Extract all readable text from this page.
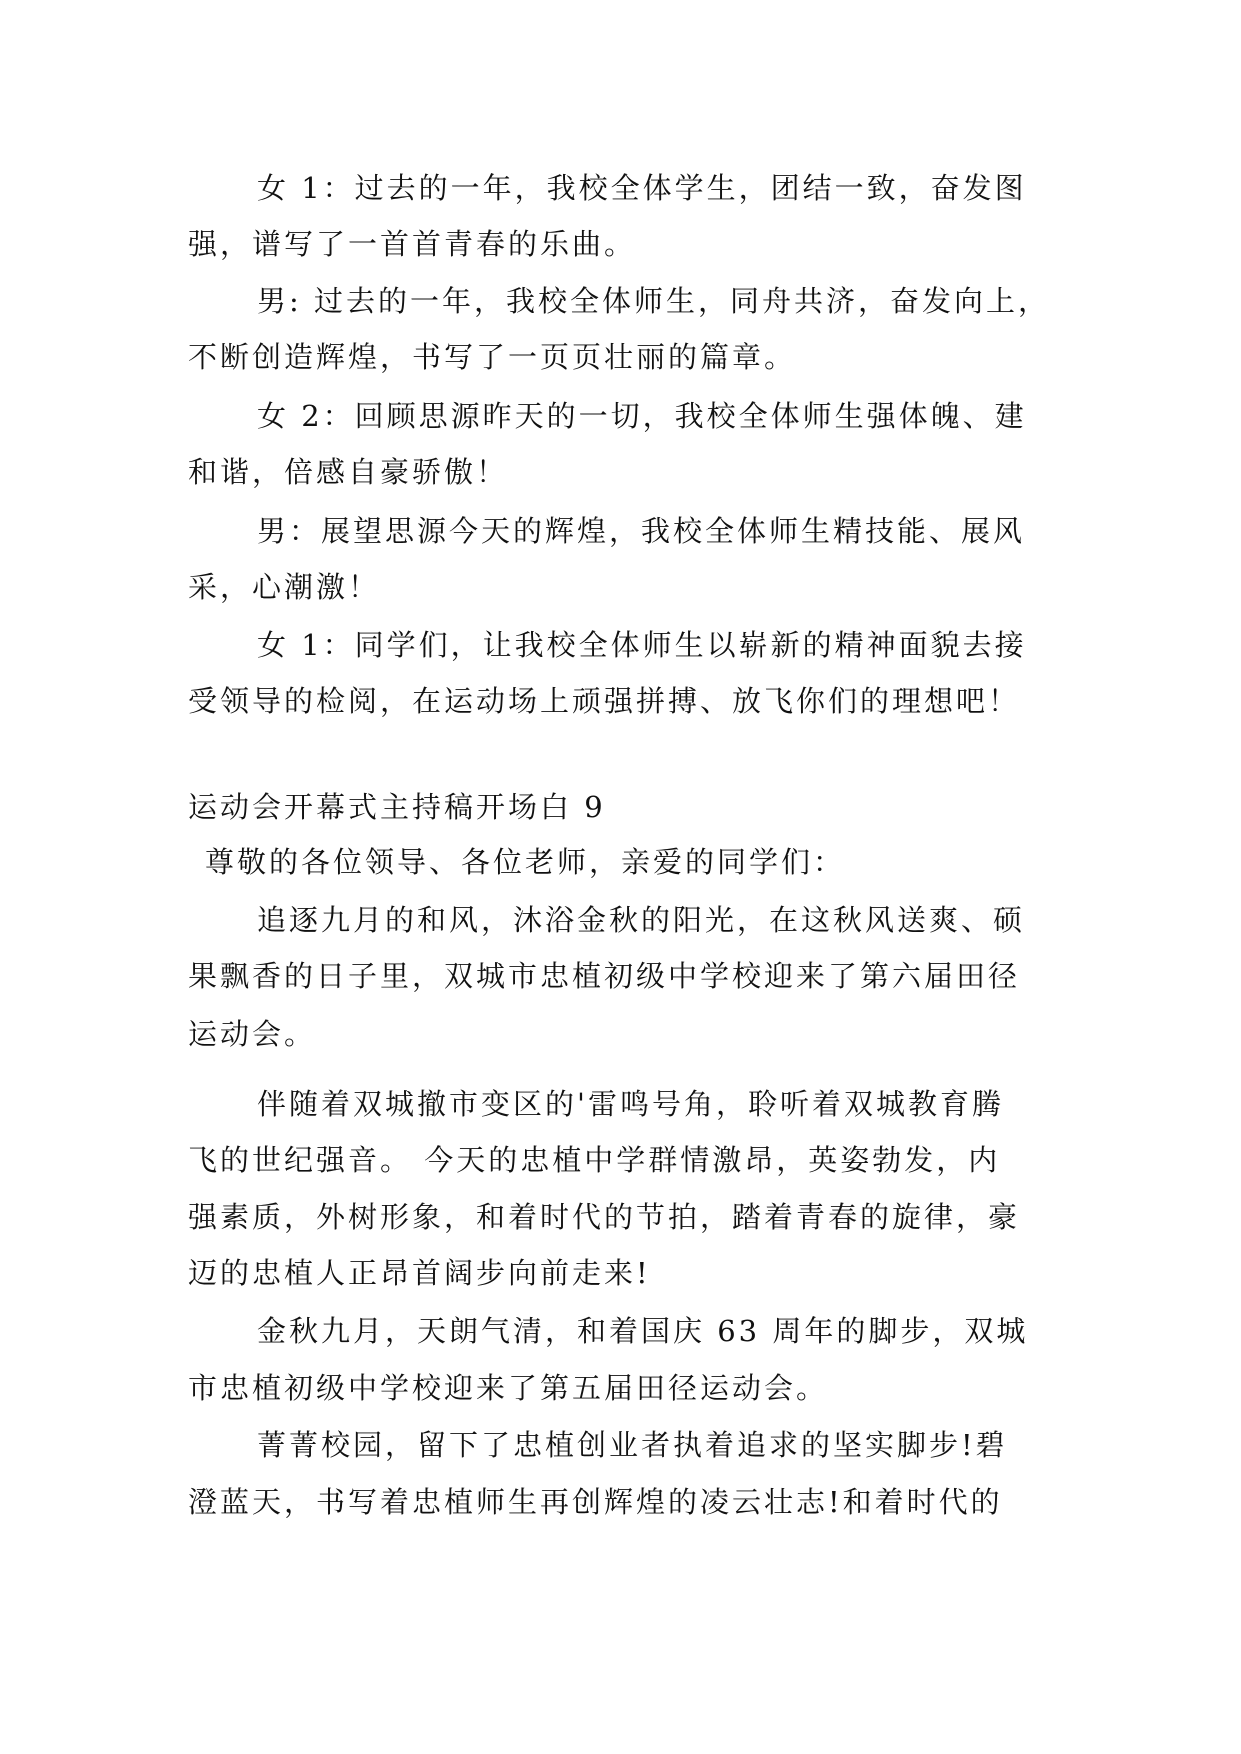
女 1：过去的一年，我校全体学生，团结一致，奋发图
强，谱写了一首首青春的乐曲。
男: 过去的一年，我校全体师生，同舟共济，奋发向上，
不断创造辉煌，书写了一页页壮丽的篇章。
女 2：回顾思源昨天的一切，我校全体师生强体魄、建
和谐，倍感自豪骄傲！
男：展望思源今天的辉煌，我校全体师生精技能、展风
采，心潮激！
女 1：同学们，让我校全体师生以崭新的精神面貌去接
受领导的检阅，在运动场上顽强拼搏、放飞你们的理想吧！
运动会开幕式主持稿开场白 9
尊敬的各位领导、各位老师，亲爱的同学们：
追逐九月的和风，沐浴金秋的阳光，在这秋风送爽、硕
果飘香的日子里，双城市忠植初级中学校迎来了第六届田径
运动会。
伴随着双城撤市变区的'雷鸣号角，聆听着双城教育腾
飞的世纪强音。 今天的忠植中学群情激昂，英姿勃发，内
强素质，外树形象，和着时代的节拍，踏着青春的旋律，豪
迈的忠植人正昂首阔步向前走来!
金秋九月，天朗气清，和着国庆 63 周年的脚步，双城
市忠植初级中学校迎来了第五届田径运动会。
菁菁校园，留下了忠植创业者执着追求的坚实脚步!碧
澄蓝天，书写着忠植师生再创辉煌的凌云壮志!和着时代的
